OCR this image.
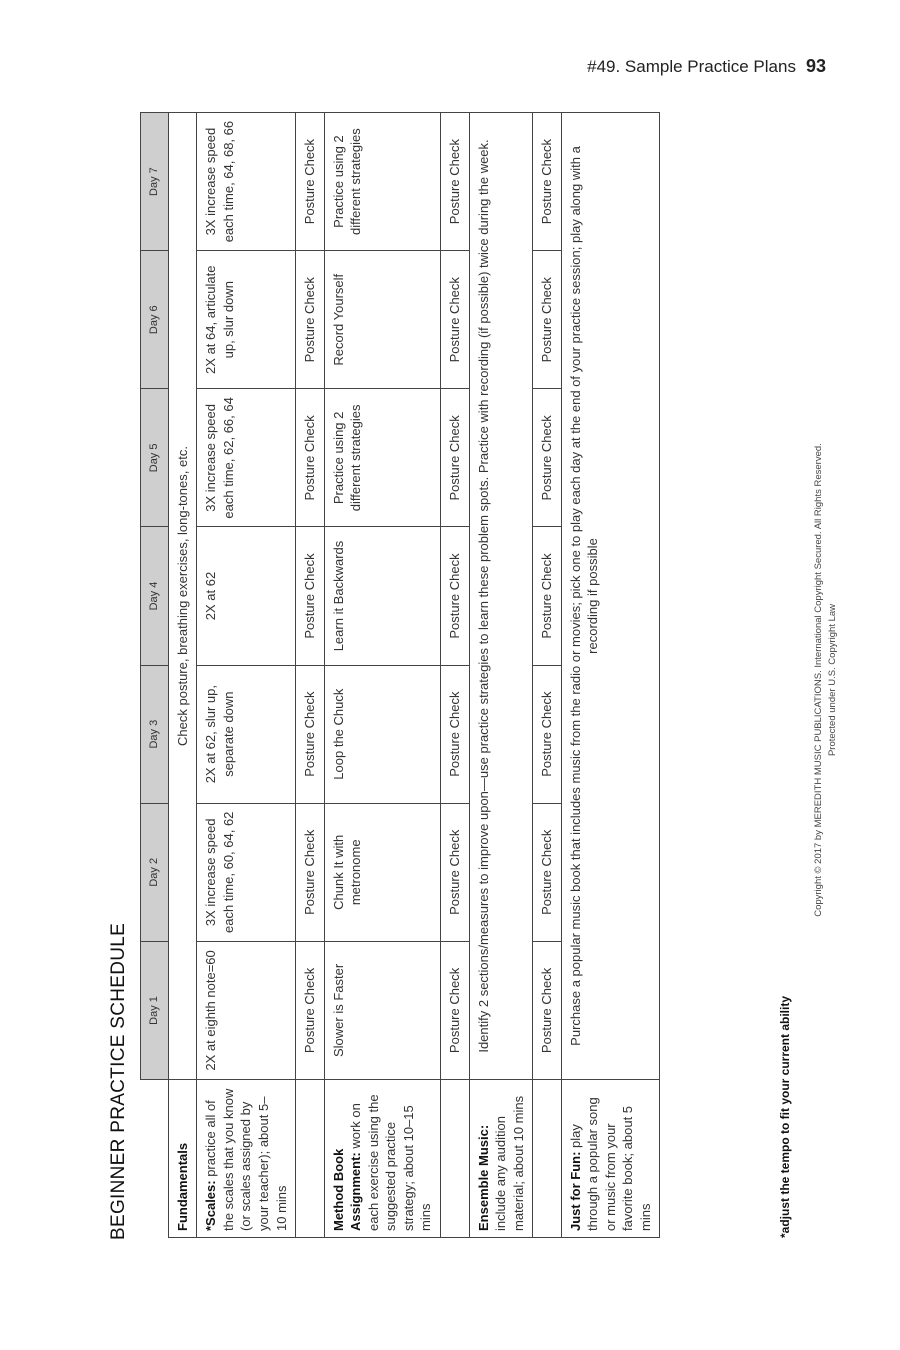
#49. Sample Practice Plans 93
BEGINNER PRACTICE SCHEDULE
	Day 1	Day 2	Day 3	Day 4	Day 5	Day 6	Day 7
Fundamentals	Check posture, breathing exercises, long-tones, etc.						
*Scales: practice all of the scales that you know (or scales assigned by your teacher); about 5–10 mins	2X at eighth note=60	3X increase speed each time, 60, 64, 62	2X at 62, slur up, separate down	2X at 62	3X increase speed each time, 62, 66, 64	2X at 64, articulate up, slur down	3X increase speed each time, 64, 68, 66
	Posture Check	Posture Check	Posture Check	Posture Check	Posture Check	Posture Check	Posture Check
Method Book Assignment: work on each exercise using the suggested practice strategy; about 10–15 mins	Slower is Faster	Chunk It with metronome	Loop the Chuck	Learn it Backwards	Practice using 2 different strategies	Record Yourself	Practice using 2 different strategies
	Posture Check	Posture Check	Posture Check	Posture Check	Posture Check	Posture Check	Posture Check
Ensemble Music: include any audition material; about 10 mins	Identify 2 sections/measures to improve upon—use practice strategies to learn these problem spots. Practice with recording (if possible) twice during the week.						
	Posture Check	Posture Check	Posture Check	Posture Check	Posture Check	Posture Check	Posture Check
Just for Fun: play through a popular song or music from your favorite book; about 5 mins	Purchase a popular music book that includes music from the radio or movies; pick one to play each day at the end of your practice session; play along with a recording if possible						
*adjust the tempo to fit your current ability
Copyright © 2017 by MEREDITH MUSIC PUBLICATIONS. International Copyright Secured. All Rights Reserved. Protected under U.S. Copyright Law
